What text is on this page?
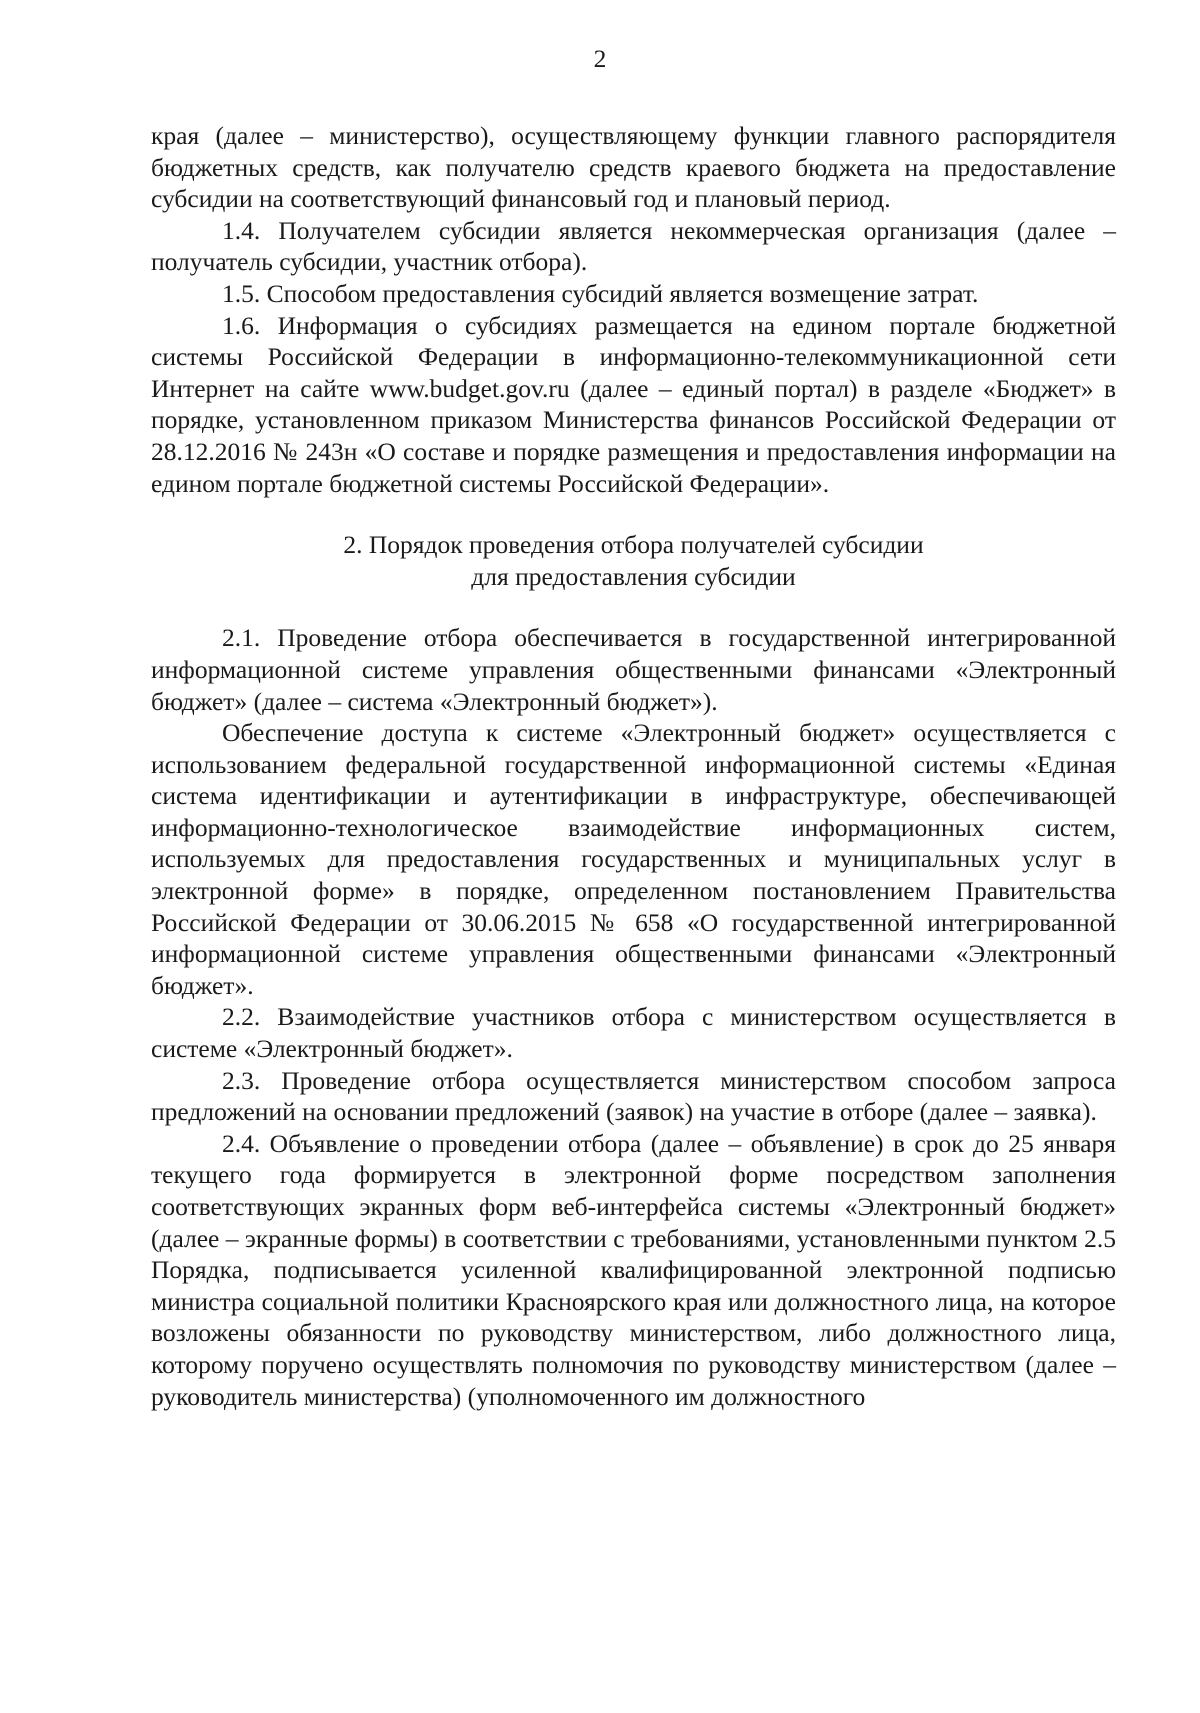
2

края (далее – министерство), осуществляющему функции главного распорядителя бюджетных средств, как получателю средств краевого бюджета на предоставление субсидии на соответствующий финансовый год и плановый период.

1.4. Получателем субсидии является некоммерческая организация (далее – получатель субсидии, участник отбора).

1.5. Способом предоставления субсидий является возмещение затрат.

1.6. Информация о субсидиях размещается на едином портале бюджетной системы Российской Федерации в информационно-телекоммуникационной сети Интернет на сайте www.budget.gov.ru (далее – единый портал) в разделе «Бюджет» в порядке, установленном приказом Министерства финансов Российской Федерации от 28.12.2016 № 243н «О составе и порядке размещения и предоставления информации на едином портале бюджетной системы Российской Федерации».

2. Порядок проведения отбора получателей субсидии
для предоставления субсидии

2.1. Проведение отбора обеспечивается в государственной интегрированной информационной системе управления общественными финансами «Электронный бюджет» (далее – система «Электронный бюджет»).

Обеспечение доступа к системе «Электронный бюджет» осуществляется с использованием федеральной государственной информационной системы «Единая система идентификации и аутентификации в инфраструктуре, обеспечивающей информационно-технологическое взаимодействие информационных систем, используемых для предоставления государственных и муниципальных услуг в электронной форме» в порядке, определенном постановлением Правительства Российской Федерации от 30.06.2015 № 658 «О государственной интегрированной информационной системе управления общественными финансами «Электронный бюджет».

2.2. Взаимодействие участников отбора с министерством осуществляется в системе «Электронный бюджет».

2.3. Проведение отбора осуществляется министерством способом запроса предложений на основании предложений (заявок) на участие в отборе (далее – заявка).

2.4. Объявление о проведении отбора (далее – объявление) в срок до 25 января текущего года формируется в электронной форме посредством заполнения соответствующих экранных форм веб-интерфейса системы «Электронный бюджет» (далее – экранные формы) в соответствии с требованиями, установленными пунктом 2.5 Порядка, подписывается усиленной квалифицированной электронной подписью министра социальной политики Красноярского края или должностного лица, на которое возложены обязанности по руководству министерством, либо должностного лица, которому поручено осуществлять полномочия по руководству министерством (далее – руководитель министерства) (уполномоченного им должностного
